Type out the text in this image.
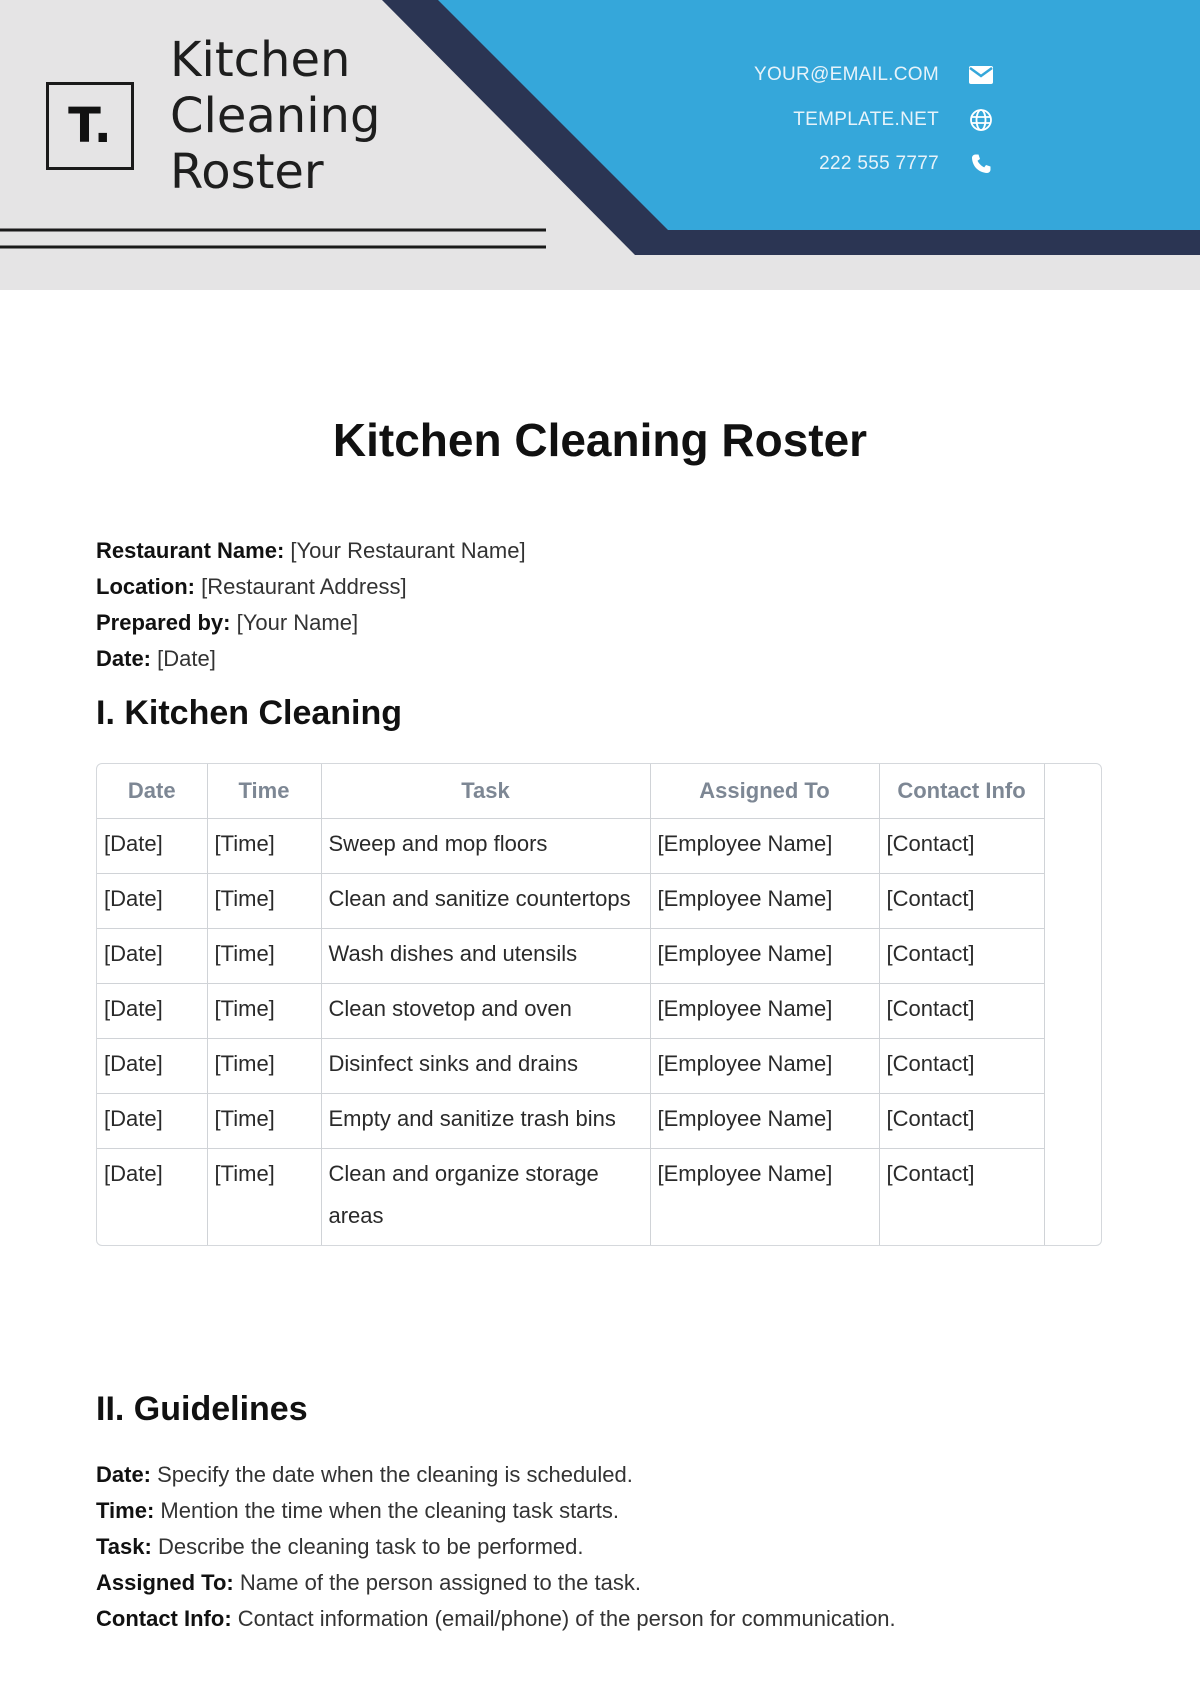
T.
Kitchen
Cleaning
Roster
YOUR@EMAIL.COM
TEMPLATE.NET
222 555 7777
Kitchen Cleaning Roster
Restaurant Name: [Your Restaurant Name]
Location: [Restaurant Address]
Prepared by: [Your Name]
Date: [Date]
I. Kitchen Cleaning
Date	Time	Task	Assigned To	Contact Info

[Date]	[Time]	Sweep and mop floors	[Employee Name]	[Contact]

[Date]	[Time]	Clean and sanitize countertops	[Employee Name]	[Contact]

[Date]	[Time]	Wash dishes and utensils	[Employee Name]	[Contact]

[Date]	[Time]	Clean stovetop and oven	[Employee Name]	[Contact]

[Date]	[Time]	Disinfect sinks and drains	[Employee Name]	[Contact]

[Date]	[Time]	Empty and sanitize trash bins	[Employee Name]	[Contact]

[Date]	[Time]	Clean and organize storage areas	[Employee Name]	[Contact]
II. Guidelines
Date: Specify the date when the cleaning is scheduled.
Time: Mention the time when the cleaning task starts.
Task: Describe the cleaning task to be performed.
Assigned To: Name of the person assigned to the task.
Contact Info: Contact information (email/phone) of the person for communication.
